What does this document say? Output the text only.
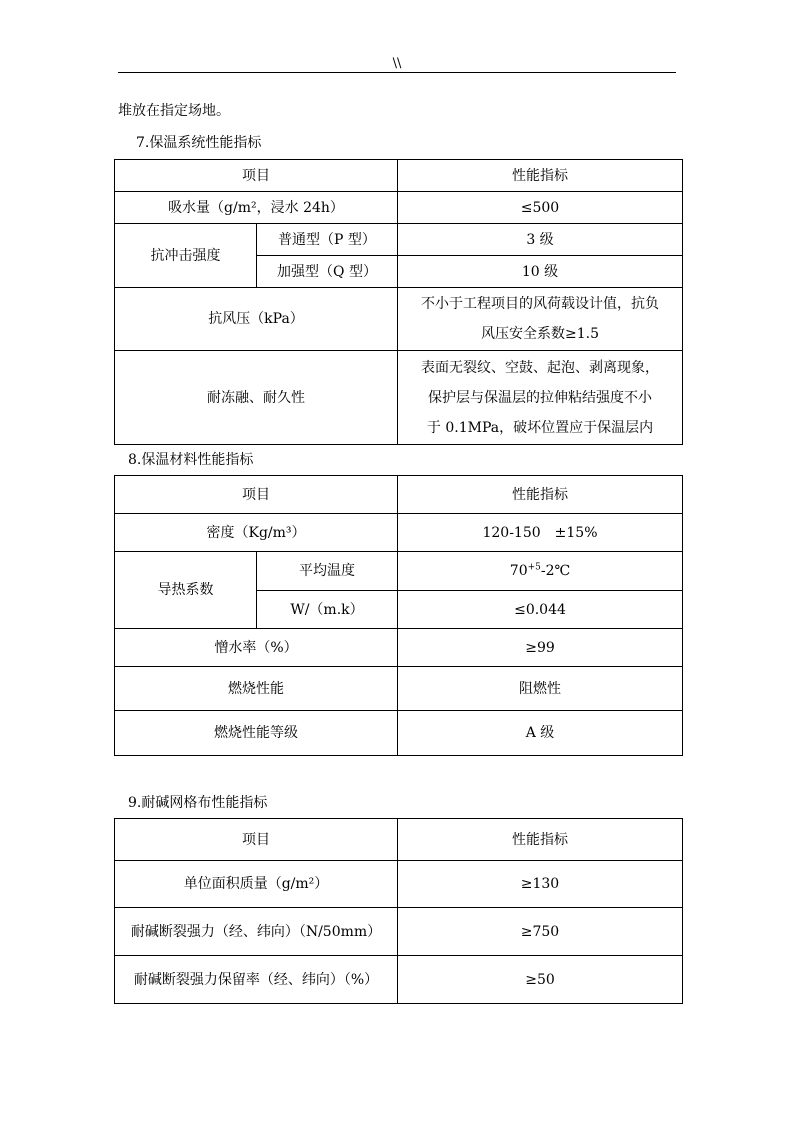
\\
堆放在指定场地。
7.保温系统性能指标
项目		性能指标
吸水量（g/m²，浸水 24h）		≤500
抗冲击强度	普通型（P 型）	3 级
	加强型（Q 型）	10 级
抗风压（kPa）		不小于工程项目的风荷载设计值，抗负
风压安全系数≥1.5

耐冻融、耐久性		表面无裂纹、空鼓、起泡、剥离现象，
保护层与保温层的拉伸粘结强度不小
于 0.1MPa，破坏位置应于保温层内
8.保温材料性能指标
项目		性能指标
密度（Kg/m³）		120-150　±15%
导热系数	平均温度	$70^{+5}-2℃$
	W/（m.k）	≤0.044
憎水率（%）		≥99
燃烧性能		阻燃性
燃烧性能等级		A 级
9.耐碱网格布性能指标
项目	性能指标
单位面积质量（g/m²）	≥130
耐碱断裂强力（经、纬向）（N/50mm）	≥750
耐碱断裂强力保留率（经、纬向）（%）	≥50
